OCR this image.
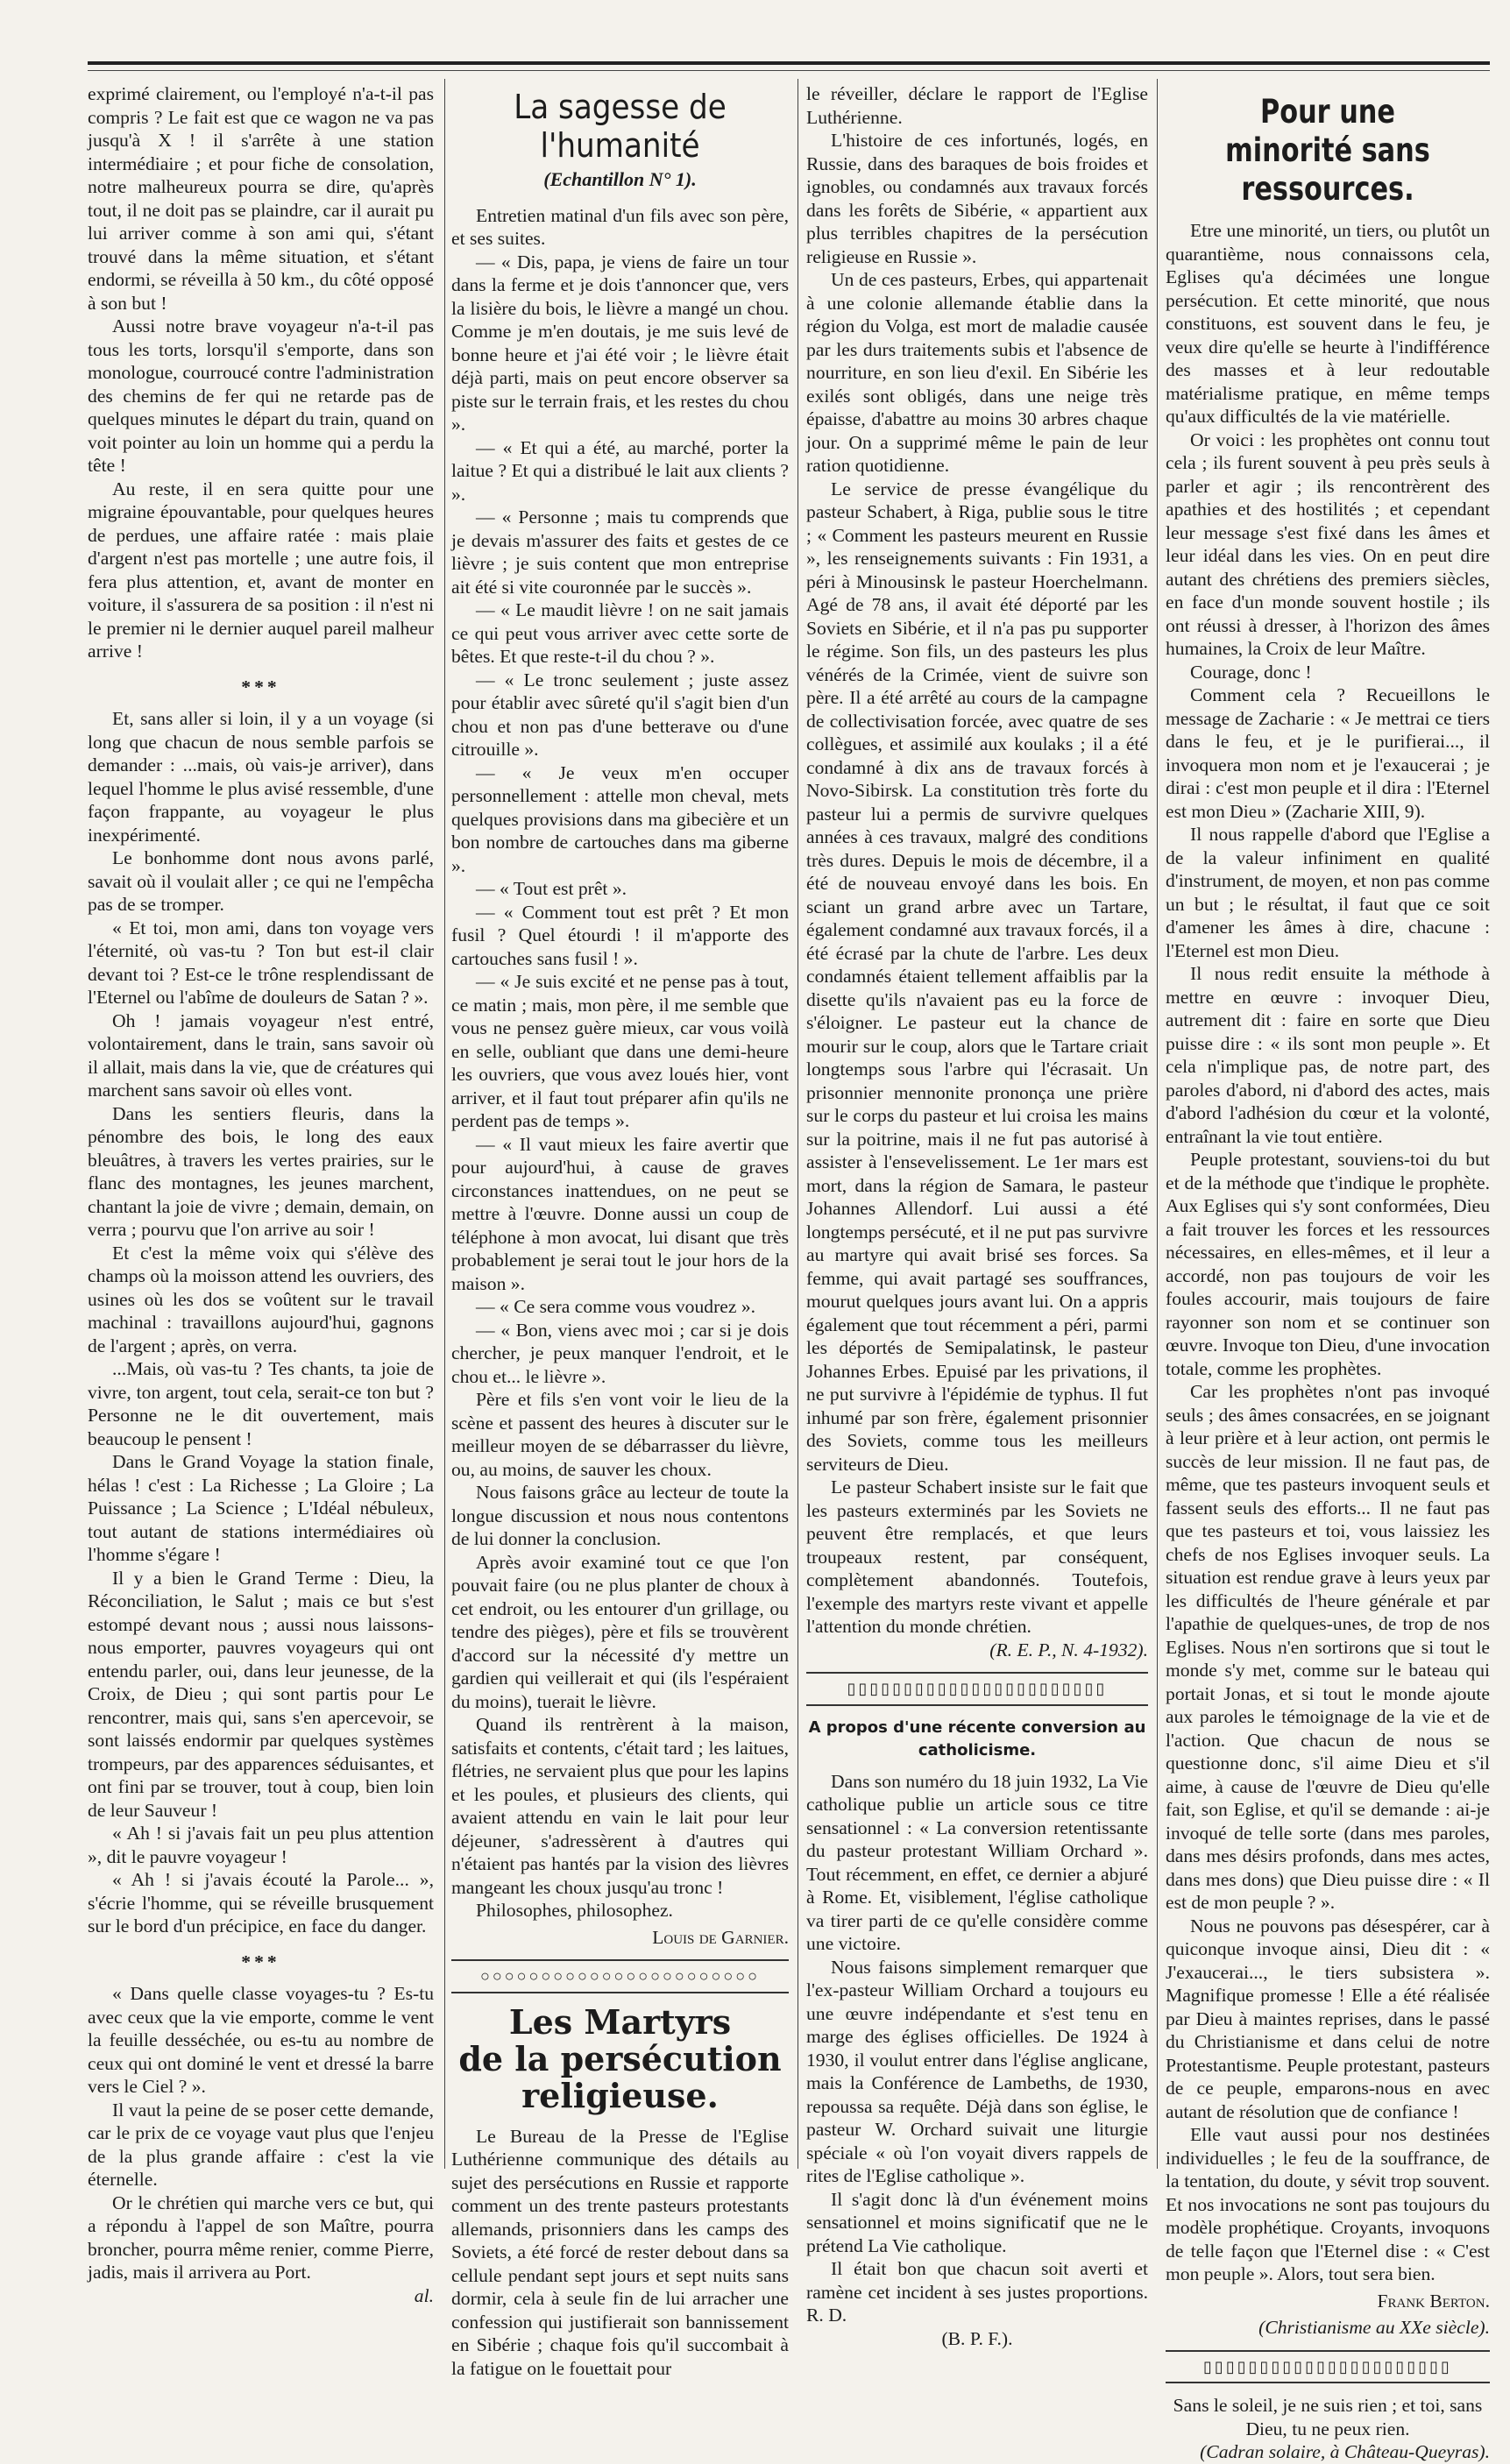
exprimé clairement, ou l'employé n'a-t-il pas compris ? Le fait est que ce wagon ne va pas jusqu'à X ! il s'arrête à une station intermédiaire ; et pour fiche de consolation, notre malheureux pourra se dire, qu'après tout, il ne doit pas se plaindre, car il aurait pu lui arriver comme à son ami qui, s'étant trouvé dans la même situation, et s'étant endormi, se réveilla à 50 km., du côté opposé à son but !

Aussi notre brave voyageur n'a-t-il pas tous les torts, lorsqu'il s'emporte, dans son monologue, courroucé contre l'administration des chemins de fer qui ne retarde pas de quelques minutes le départ du train, quand on voit pointer au loin un homme qui a perdu la tête !

Au reste, il en sera quitte pour une migraine épouvantable, pour quelques heures de perdues, une affaire ratée : mais plaie d'argent n'est pas mortelle ; une autre fois, il fera plus attention, et, avant de monter en voiture, il s'assurera de sa position : il n'est ni le premier ni le dernier auquel pareil malheur arrive !

***

Et, sans aller si loin, il y a un voyage (si long que chacun de nous semble parfois se demander : ...mais, où vais-je arriver), dans lequel l'homme le plus avisé ressemble, d'une façon frappante, au voyageur le plus inexpérimenté.

Le bonhomme dont nous avons parlé, savait où il voulait aller ; ce qui ne l'empêcha pas de se tromper.

« Et toi, mon ami, dans ton voyage vers l'éternité, où vas-tu ? Ton but est-il clair devant toi ? Est-ce le trône resplendissant de l'Eternel ou l'abîme de douleurs de Satan ? ».

Oh ! jamais voyageur n'est entré, volontairement, dans le train, sans savoir où il allait, mais dans la vie, que de créatures qui marchent sans savoir où elles vont.

Dans les sentiers fleuris, dans la pénombre des bois, le long des eaux bleuâtres, à travers les vertes prairies, sur le flanc des montagnes, les jeunes marchent, chantant la joie de vivre ; demain, demain, on verra ; pourvu que l'on arrive au soir !

Et c'est la même voix qui s'élève des champs où la moisson attend les ouvriers, des usines où les dos se voûtent sur le travail machinal : travaillons aujourd'hui, gagnons de l'argent ; après, on verra.

...Mais, où vas-tu ? Tes chants, ta joie de vivre, ton argent, tout cela, serait-ce ton but ? Personne ne le dit ouvertement, mais beaucoup le pensent !

Dans le Grand Voyage la station finale, hélas ! c'est : La Richesse ; La Gloire ; La Puissance ; La Science ; L'Idéal nébuleux, tout autant de stations intermédiaires où l'homme s'égare !

Il y a bien le Grand Terme : Dieu, la Réconciliation, le Salut ; mais ce but s'est estompé devant nous ; aussi nous laissons-nous emporter, pauvres voyageurs qui ont entendu parler, oui, dans leur jeunesse, de la Croix, de Dieu ; qui sont partis pour Le rencontrer, mais qui, sans s'en apercevoir, se sont laissés endormir par quelques systèmes trompeurs, par des apparences séduisantes, et ont fini par se trouver, tout à coup, bien loin de leur Sauveur !

« Ah ! si j'avais fait un peu plus attention », dit le pauvre voyageur !

« Ah ! si j'avais écouté la Parole... », s'écrie l'homme, qui se réveille brusquement sur le bord d'un précipice, en face du danger.

***

« Dans quelle classe voyages-tu ? Es-tu avec ceux que la vie emporte, comme le vent la feuille desséchée, ou es-tu au nombre de ceux qui ont dominé le vent et dressé la barre vers le Ciel ? ».

Il vaut la peine de se poser cette demande, car le prix de ce voyage vaut plus que l'enjeu de la plus grande affaire : c'est la vie éternelle.

Or le chrétien qui marche vers ce but, qui a répondu à l'appel de son Maître, pourra broncher, pourra même renier, comme Pierre, jadis, mais il arrivera au Port.

al.

La sagesse de l'humanité
(Echantillon N° 1).

Entretien matinal d'un fils avec son père, et ses suites.

— « Dis, papa, je viens de faire un tour dans la ferme et je dois t'annoncer que, vers la lisière du bois, le lièvre a mangé un chou. Comme je m'en doutais, je me suis levé de bonne heure et j'ai été voir ; le lièvre était déjà parti, mais on peut encore observer sa piste sur le terrain frais, et les restes du chou ».

— « Et qui a été, au marché, porter la laitue ? Et qui a distribué le lait aux clients ? ».

— « Personne ; mais tu comprends que je devais m'assurer des faits et gestes de ce lièvre ; je suis content que mon entreprise ait été si vite couronnée par le succès ».

— « Le maudit lièvre ! on ne sait jamais ce qui peut vous arriver avec cette sorte de bêtes. Et que reste-t-il du chou ? ».

— « Le tronc seulement ; juste assez pour établir avec sûreté qu'il s'agit bien d'un chou et non pas d'une betterave ou d'une citrouille ».

— « Je veux m'en occuper personnellement : attelle mon cheval, mets quelques provisions dans ma gibecière et un bon nombre de cartouches dans ma giberne ».

— « Tout est prêt ».

— « Comment tout est prêt ? Et mon fusil ? Quel étourdi ! il m'apporte des cartouches sans fusil ! ».

— « Je suis excité et ne pense pas à tout, ce matin ; mais, mon père, il me semble que vous ne pensez guère mieux, car vous voilà en selle, oubliant que dans une demi-heure les ouvriers, que vous avez loués hier, vont arriver, et il faut tout préparer afin qu'ils ne perdent pas de temps ».

— « Il vaut mieux les faire avertir que pour aujourd'hui, à cause de graves circonstances inattendues, on ne peut se mettre à l'œuvre. Donne aussi un coup de téléphone à mon avocat, lui disant que très probablement je serai tout le jour hors de la maison ».

— « Ce sera comme vous voudrez ».

— « Bon, viens avec moi ; car si je dois chercher, je peux manquer l'endroit, et le chou et... le lièvre ».

Père et fils s'en vont voir le lieu de la scène et passent des heures à discuter sur le meilleur moyen de se débarrasser du lièvre, ou, au moins, de sauver les choux.

Nous faisons grâce au lecteur de toute la longue discussion et nous nous contentons de lui donner la conclusion.

Après avoir examiné tout ce que l'on pouvait faire (ou ne plus planter de choux à cet endroit, ou les entourer d'un grillage, ou tendre des pièges), père et fils se trouvèrent d'accord sur la nécessité d'y mettre un gardien qui veillerait et qui (ils l'espéraient du moins), tuerait le lièvre.

Quand ils rentrèrent à la maison, satisfaits et contents, c'était tard ; les laitues, flétries, ne servaient plus que pour les lapins et les poules, et plusieurs des clients, qui avaient attendu en vain le lait pour leur déjeuner, s'adressèrent à d'autres qui n'étaient pas hantés par la vision des lièvres mangeant les choux jusqu'au tronc !

Philosophes, philosophez.

Louis de Garnier.
○○○○○○○○○○○○○○○○○○○○○○○
Les Martyrs
de la persécution religieuse.

Le Bureau de la Presse de l'Eglise Luthérienne communique des détails au sujet des persécutions en Russie et rapporte comment un des trente pasteurs protestants allemands, prisonniers dans les camps des Soviets, a été forcé de rester debout dans sa cellule pendant sept jours et sept nuits sans dormir, cela à seule fin de lui arracher une confession qui justifierait son bannissement en Sibérie ; chaque fois qu'il succombait à la fatigue on le fouettait pour

le réveiller, déclare le rapport de l'Eglise Luthérienne.

L'histoire de ces infortunés, logés, en Russie, dans des baraques de bois froides et ignobles, ou condamnés aux travaux forcés dans les forêts de Sibérie, « appartient aux plus terribles chapitres de la persécution religieuse en Russie ».

Un de ces pasteurs, Erbes, qui appartenait à une colonie allemande établie dans la région du Volga, est mort de maladie causée par les durs traitements subis et l'absence de nourriture, en son lieu d'exil. En Sibérie les exilés sont obligés, dans une neige très épaisse, d'abattre au moins 30 arbres chaque jour. On a supprimé même le pain de leur ration quotidienne.

Le service de presse évangélique du pasteur Schabert, à Riga, publie sous le titre ; « Comment les pasteurs meurent en Russie », les renseignements suivants : Fin 1931, a péri à Minousinsk le pasteur Hoerchelmann. Agé de 78 ans, il avait été déporté par les Soviets en Sibérie, et il n'a pas pu supporter le régime. Son fils, un des pasteurs les plus vénérés de la Crimée, vient de suivre son père. Il a été arrêté au cours de la campagne de collectivisation forcée, avec quatre de ses collègues, et assimilé aux koulaks ; il a été condamné à dix ans de travaux forcés à Novo-Sibirsk. La constitution très forte du pasteur lui a permis de survivre quelques années à ces travaux, malgré des conditions très dures. Depuis le mois de décembre, il a été de nouveau envoyé dans les bois. En sciant un grand arbre avec un Tartare, également condamné aux travaux forcés, il a été écrasé par la chute de l'arbre. Les deux condamnés étaient tellement affaiblis par la disette qu'ils n'avaient pas eu la force de s'éloigner. Le pasteur eut la chance de mourir sur le coup, alors que le Tartare criait longtemps sous l'arbre qui l'écrasait. Un prisonnier mennonite prononça une prière sur le corps du pasteur et lui croisa les mains sur la poitrine, mais il ne fut pas autorisé à assister à l'ensevelissement. Le 1er mars est mort, dans la région de Samara, le pasteur Johannes Allendorf. Lui aussi a été longtemps persécuté, et il ne put pas survivre au martyre qui avait brisé ses forces. Sa femme, qui avait partagé ses souffrances, mourut quelques jours avant lui. On a appris également que tout récemment a péri, parmi les déportés de Semipalatinsk, le pasteur Johannes Erbes. Epuisé par les privations, il ne put survivre à l'épidémie de typhus. Il fut inhumé par son frère, également prisonnier des Soviets, comme tous les meilleurs serviteurs de Dieu.

Le pasteur Schabert insiste sur le fait que les pasteurs exterminés par les Soviets ne peuvent être remplacés, et que leurs troupeaux restent, par conséquent, complètement abandonnés. Toutefois, l'exemple des martyrs reste vivant et appelle l'attention du monde chrétien.

(R. E. P., N. 4-1932).

▯▯▯▯▯▯▯▯▯▯▯▯▯▯▯▯▯▯▯▯▯▯▯
A propos d'une récente conversion au catholicisme.

Dans son numéro du 18 juin 1932, La Vie catholique publie un article sous ce titre sensationnel : « La conversion retentissante du pasteur protestant William Orchard ». Tout récemment, en effet, ce dernier a abjuré à Rome. Et, visiblement, l'église catholique va tirer parti de ce qu'elle considère comme une victoire.

Nous faisons simplement remarquer que l'ex-pasteur William Orchard a toujours eu une œuvre indépendante et s'est tenu en marge des églises officielles. De 1924 à 1930, il voulut entrer dans l'église anglicane, mais la Conférence de Lambeths, de 1930, repoussa sa requête. Déjà dans son église, le pasteur W. Orchard suivait une liturgie spéciale « où l'on voyait divers rappels de rites de l'Eglise catholique ».

Il s'agit donc là d'un événement moins sensationnel et moins significatif que ne le prétend La Vie catholique.

Il était bon que chacun soit averti et ramène cet incident à ses justes proportions. R. D.

(B. P. F.).

Pour une minorité sans ressources.

Etre une minorité, un tiers, ou plutôt un quarantième, nous connaissons cela, Eglises qu'a décimées une longue persécution. Et cette minorité, que nous constituons, est souvent dans le feu, je veux dire qu'elle se heurte à l'indifférence des masses et à leur redoutable matérialisme pratique, en même temps qu'aux difficultés de la vie matérielle.

Or voici : les prophètes ont connu tout cela ; ils furent souvent à peu près seuls à parler et agir ; ils rencontrèrent des apathies et des hostilités ; et cependant leur message s'est fixé dans les âmes et leur idéal dans les vies. On en peut dire autant des chrétiens des premiers siècles, en face d'un monde souvent hostile ; ils ont réussi à dresser, à l'horizon des âmes humaines, la Croix de leur Maître.

Courage, donc !

Comment cela ? Recueillons le message de Zacharie : « Je mettrai ce tiers dans le feu, et je le purifierai..., il invoquera mon nom et je l'exaucerai ; je dirai : c'est mon peuple et il dira : l'Eternel est mon Dieu » (Zacharie XIII, 9).

Il nous rappelle d'abord que l'Eglise a de la valeur infiniment en qualité d'instrument, de moyen, et non pas comme un but ; le résultat, il faut que ce soit d'amener les âmes à dire, chacune : l'Eternel est mon Dieu.

Il nous redit ensuite la méthode à mettre en œuvre : invoquer Dieu, autrement dit : faire en sorte que Dieu puisse dire : « ils sont mon peuple ». Et cela n'implique pas, de notre part, des paroles d'abord, ni d'abord des actes, mais d'abord l'adhésion du cœur et la volonté, entraînant la vie tout entière.

Peuple protestant, souviens-toi du but et de la méthode que t'indique le prophète. Aux Eglises qui s'y sont conformées, Dieu a fait trouver les forces et les ressources nécessaires, en elles-mêmes, et il leur a accordé, non pas toujours de voir les foules accourir, mais toujours de faire rayonner son nom et se continuer son œuvre. Invoque ton Dieu, d'une invocation totale, comme les prophètes.

Car les prophètes n'ont pas invoqué seuls ; des âmes consacrées, en se joignant à leur prière et à leur action, ont permis le succès de leur mission. Il ne faut pas, de même, que tes pasteurs invoquent seuls et fassent seuls des efforts... Il ne faut pas que tes pasteurs et toi, vous laissiez les chefs de nos Eglises invoquer seuls. La situation est rendue grave à leurs yeux par les difficultés de l'heure générale et par l'apathie de quelques-unes, de trop de nos Eglises. Nous n'en sortirons que si tout le monde s'y met, comme sur le bateau qui portait Jonas, et si tout le monde ajoute aux paroles le témoignage de la vie et de l'action. Que chacun de nous se questionne donc, s'il aime Dieu et s'il aime, à cause de l'œuvre de Dieu qu'elle fait, son Eglise, et qu'il se demande : ai-je invoqué de telle sorte (dans mes paroles, dans mes désirs profonds, dans mes actes, dans mes dons) que Dieu puisse dire : « Il est de mon peuple ? ».

Nous ne pouvons pas désespérer, car à quiconque invoque ainsi, Dieu dit : « J'exaucerai..., le tiers subsistera ». Magnifique promesse ! Elle a été réalisée par Dieu à maintes reprises, dans le passé du Christianisme et dans celui de notre Protestantisme. Peuple protestant, pasteurs de ce peuple, emparons-nous en avec autant de résolution que de confiance !

Elle vaut aussi pour nos destinées individuelles ; le feu de la souffrance, de la tentation, du doute, y sévit trop souvent. Et nos invocations ne sont pas toujours du modèle prophétique. Croyants, invoquons de telle façon que l'Eternel dise : « C'est mon peuple ». Alors, tout sera bien.

Frank Berton.

(Christianisme au XXe siècle).

▯▯▯▯▯▯▯▯▯▯▯▯▯▯▯▯▯▯▯▯▯▯

Sans le soleil, je ne suis rien ; et toi, sans Dieu, tu ne peux rien.

(Cadran solaire, à Château-Queyras).
